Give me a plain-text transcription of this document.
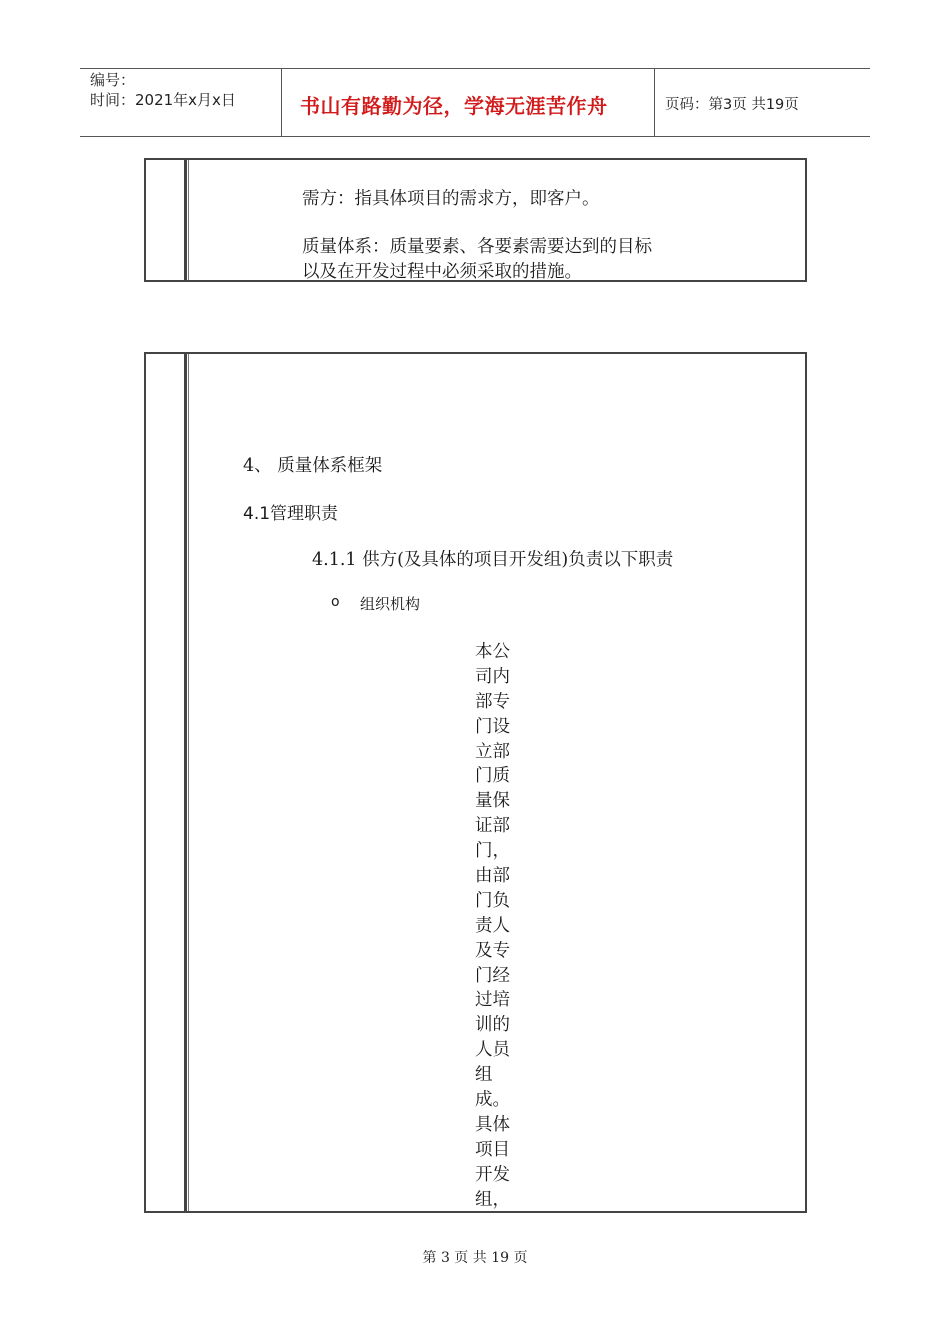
编号：
时间：2021年x月x日	书山有路勤为径，学海无涯苦作舟	页码：第3页 共19页
需方：指具体项目的需求方，即客户。
质量体系：质量要素、各要素需要达到的目标
以及在开发过程中必须采取的措施。
4、 质量体系框架
4.1管理职责
4.1.1 供方(及具体的项目开发组)负责以下职责
o 组织机构
本公
司内
部专
门设
立部
门质
量保
证部
门，
由部
门负
责人
及专
门经
过培
训的
人员
组
成。
具体
项目
开发
组，
第 3 页 共 19 页
